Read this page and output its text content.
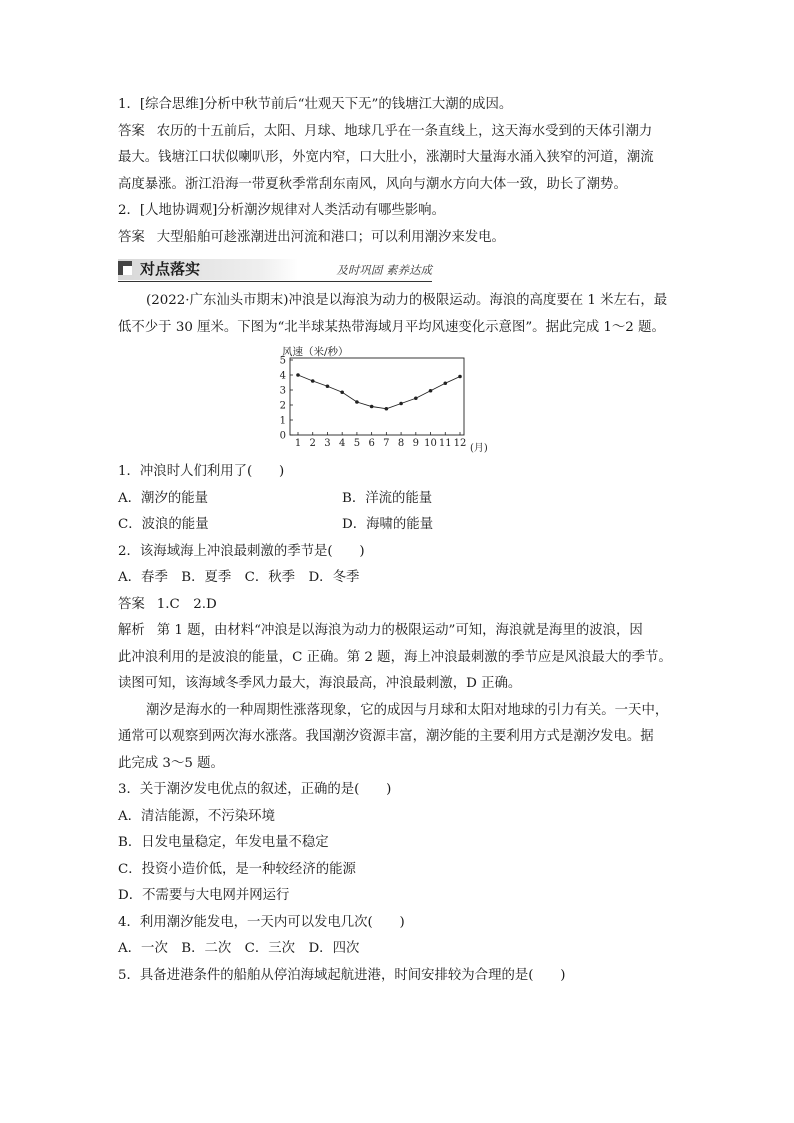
1．[综合思维]分析中秋节前后“壮观天下无”的钱塘江大潮的成因。

答案 农历的十五前后，太阳、月球、地球几乎在一条直线上，这天海水受到的天体引潮力

最大。钱塘江口状似喇叭形，外宽内窄，口大肚小，涨潮时大量海水涌入狭窄的河道，潮流

高度暴涨。浙江沿海一带夏秋季常刮东南风，风向与潮水方向大体一致，助长了潮势。

2．[人地协调观]分析潮汐规律对人类活动有哪些影响。

答案 大型船舶可趁涨潮进出河流和港口；可以利用潮汐来发电。

对点落实	及时巩固 素养达成

(2022·广东汕头市期末)冲浪是以海浪为动力的极限运动。海浪的高度要在 1 米左右，最

低不少于 30 厘米。下图为“北半球某热带海域月平均风速变化示意图”。据此完成 1～2 题。

风速（米/秒）
0
1
2
3
4
5
1 2 3 4 5 6 7 8 9 10 11 12 (月)

1．冲浪时人们利用了(　　)

A．潮汐的能量	B．洋流的能量

C．波浪的能量	D．海啸的能量

2．该海域海上冲浪最刺激的季节是(　　)

A．春季　B．夏季　C．秋季　D．冬季

答案 1.C　2.D

解析 第 1 题，由材料“冲浪是以海浪为动力的极限运动”可知，海浪就是海里的波浪，因

此冲浪利用的是波浪的能量，C 正确。第 2 题，海上冲浪最刺激的季节应是风浪最大的季节。

读图可知，该海域冬季风力最大，海浪最高，冲浪最刺激，D 正确。

潮汐是海水的一种周期性涨落现象，它的成因与月球和太阳对地球的引力有关。一天中，

通常可以观察到两次海水涨落。我国潮汐资源丰富，潮汐能的主要利用方式是潮汐发电。据

此完成 3～5 题。

3．关于潮汐发电优点的叙述，正确的是(　　)

A．清洁能源，不污染环境

B．日发电量稳定，年发电量不稳定

C．投资小造价低，是一种较经济的能源

D．不需要与大电网并网运行

4．利用潮汐能发电，一天内可以发电几次(　　)

A．一次　B．二次　C．三次　D．四次

5．具备进港条件的船舶从停泊海域起航进港，时间安排较为合理的是(　　)
